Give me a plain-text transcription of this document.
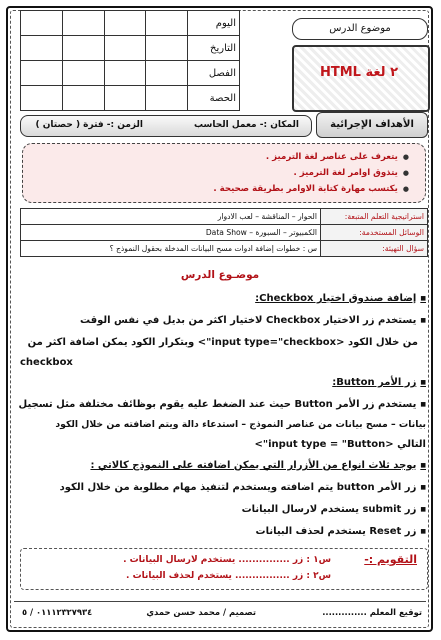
				اليوم
				التاريخ
				الفصل
				الحصة
موضوع الدرس
٢ لغة HTML
المكان :- معمل الحاسب
الزمن :- فترة ( حصتان )	الأهداف الإجرائية
● يتعرف على عناصر لغة الترميز .
● يتذوق اوامر لغة الترميز .
● يكتسب مهارة كتابة الاوامر بطريقة صحيحة .
استراتيجية التعلم المتبعة:	الحوار – المناقشة – لعب الادوار
الوسائل المستخدمة:	الكمبيوتر – السبورة – Data Show
سؤال التهيئة:	س : خطوات إضافة ادوات مسح البيانات المدخلة بحقول النموذج ؟
موضـوع الدرس
■ إضافة صندوق اختيار Checkbox:
■ يستخدم زر الاختيار Checkbox لاختيار اكثر من بديل في نفس الوقت
من خلال الكود <input type="checkbox"> وبتكرار الكود يمكن اضافة اكثر من
checkbox
■ زر الأمر Button:
■ يستخدم زر الأمر Button حيث عند الضغط عليه يقوم بوظائف مختلفة مثل تسجيل
بيانات – مسح بيانات من عناصر النموذج – استدعاء دالة ويتم اضافته من خلال الكود
التالي <input type = "Button">
■ يوجد ثلاث انواع من الأزرار التي يمكن اضافته على النموذج كالاتي :
■ زر الأمر button يتم اضافته ويستخدم لتنفيذ مهام مطلوبة من خلال الكود
■ زر submit يستخدم لارسال البيانات
■ زر Reset يستخدم لحذف البيانات
التقويم :-
س١ : زر ............... يستخدم لارسال البيانات .
س٢ : زر ................ يستخدم لحذف البيانات .
توقيع المعلم ..............
تصميم / محمد حسن حمدي
٠١١١٢٣٢٧٩٣٤ / ٥
